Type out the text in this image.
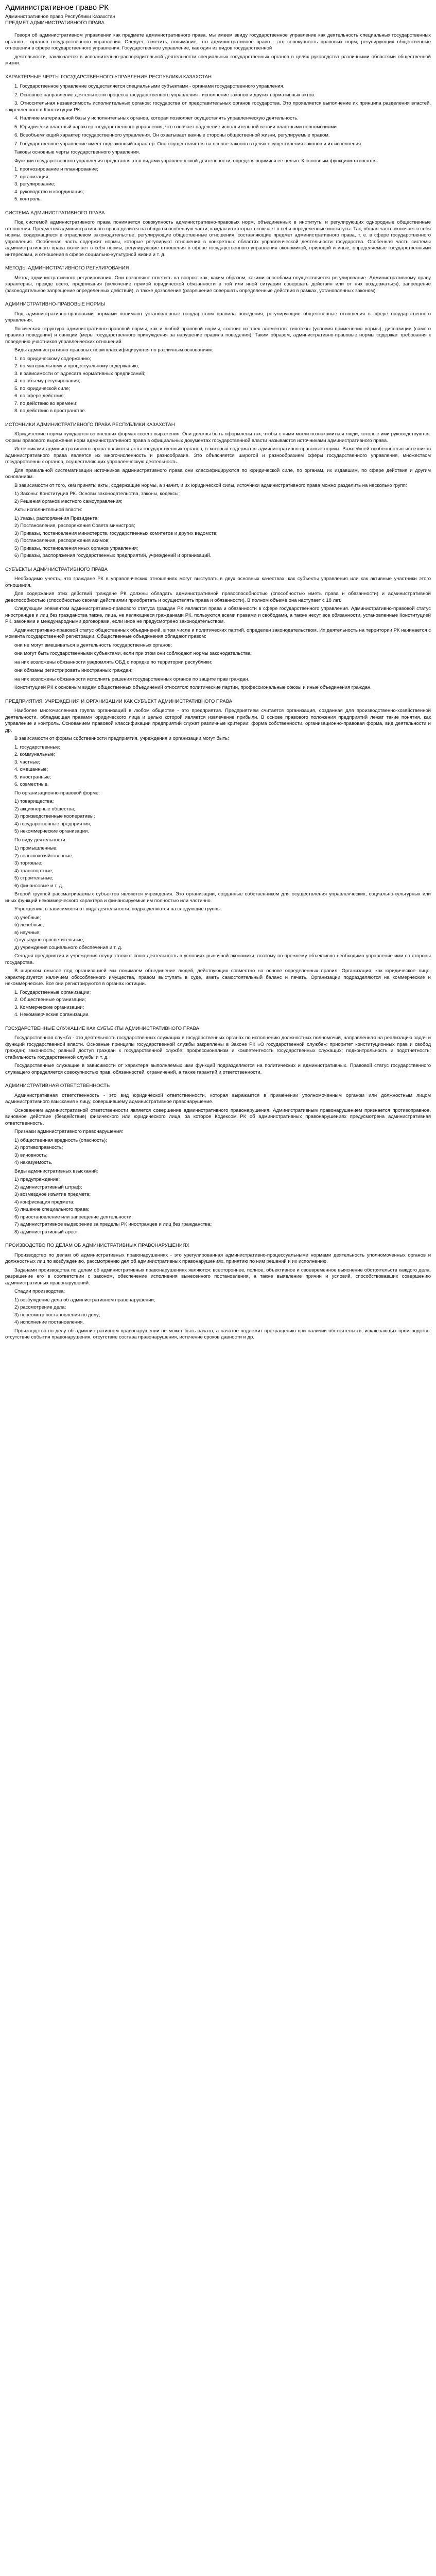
Административное право РК
Административное право Республики Казахстан
ПРЕДМЕТ АДМИНИСТРАТИВНОГО ПРАВА

Говоря об административном управлении как предмете административного права, мы имеем ввиду государственное управление как деятельность специальных государственных органов - органов государственного управления. Следует отметить, понимание, что административное право - это совокупность правовых норм, регулирующих общественные отношения в сфере государственного управления. Государственное управление, как один из видов государственной

деятельности, заключается в исполнительно-распорядительной деятельности специальных государственных органов в целях руководства различными областями общественной жизни.

ХАРАКТЕРНЫЕ ЧЕРТЫ ГОСУДАРСТВЕННОГО УПРАВЛЕНИЯ РЕСПУБЛИКИ КАЗАХСТАН

1. Государственное управление осуществляется специальными субъектами - органами государственного управления.

2. Основное направление деятельности процесса государственного управления - исполнение законов и других нормативных актов.

3. Относительная независимость исполнительных органов: государства от представительных органов государства. Это проявляется выполнение их принципа разделения властей, закрепленного в Конституции РК.

4. Наличие материальной базы у исполнительных органов, которая позволяет осуществлять управленческую деятельность.

5. Юридически властный характер государственного управления, что означает наделение исполнительной ветвии властными полномочиями.

6. Всеобъемлющий характер государственного управления. Он охватывает важные стороны общественной жизни, регулируемые правом.

7. Государственное управление имеет подзаконный характер. Оно осуществляется на основе законов в целях осуществления законов и их исполнения.

Таковы основные черты государственного управления.

Функции государственного управления представляются видами управленческой деятельности, определяющимися ее целью. К основным функциям относятся:

1. прогнозирование и планирование;
2. организация;
3. регулирование;
4. руководство и координация;
5. контроль.
СИСТЕМА АДМИНИСТРАТИВНОГО ПРАВА

Под системой административного права понимается совокупность административно-правовых норм, объединенных в институты и регулирующих однородные общественные отношения. Предметом административного права делится на общую и особенную части, каждая из которых включает в себя определенные институты. Так, общая часть включает в себя нормы, содержащиеся в отраслевом законодательстве, регулирующие общественные отношения, составляющие предмет административного права, т. е. в сфере государственного управления. Особенная часть содержит нормы, которые регулируют отношения в конкретных областях управленческой деятельности государства. Особенная часть системы административного права включает в себя нормы, регулирующие отношения в сфере государственного управления экономикой, природой и иные, определяемые государственными интересами, и отношения в сфере социально-культурной жизни и т. д.

МЕТОДЫ АДМИНИСТРАТИВНОГО РЕГУЛИРОВАНИЯ

Метод административного регулирования. Они позволяют ответить на вопрос: как, каким образом, какими способами осуществляется регулирование. Административному праву характерны, прежде всего, предписания (включение прямой юридической обязанности в той или иной ситуации совершать действия или от них воздержаться), запрещение (законодательное запрещение определенных действий), а также дозволение (разрешение совершать определенные действия в рамках, установленных законом).

АДМИНИСТРАТИВНО-ПРАВОВЫЕ НОРМЫ

Под административно-правовыми нормами понимают установленные государством правила поведения, регулирующие общественные отношения в сфере государственного управления.

Логическая структура административно-правовой нормы, как и любой правовой нормы, состоит из трех элементов: гипотезы (условия применения нормы), диспозиции (самого правила поведения) и санкции (меры государственного принуждения за нарушение правила поведения). Таким образом, административно-правовые нормы содержат требования к поведению участников управленческих отношений.

Виды административно-правовых норм классифицируются по различным основаниям:

1. по юридическому содержанию;
2. по материальному и процессуальному содержанию;
3. в зависимости от адресата нормативных предписаний;
4. по объему регулирования;
5. по юридической силе;
6. по сфере действия;
7. по действию во времени;
8. по действию в пространстве.
ИСТОЧНИКИ АДМИНИСТРАТИВНОГО ПРАВА РЕСПУБЛИКИ КАЗАХСТАН

Юридические нормы нуждаются во внешних формах своего выражения. Они должны быть оформлены так, чтобы с ними могли познакомиться люди, которые ими руководствуются. Формы правового выражения норм административного права в официальных документах государственной власти называются источниками административного права.

Источниками административного права являются акты государственных органов, в которых содержатся административно-правовые нормы. Важнейшей особенностью источников административного права является их многочисленность и разнообразие. Это объясняется широтой и разнообразием сферы государственного управления, множеством государственных органов, осуществляющих управленческую деятельность.

Для правильной систематизации источников административного права они классифицируются по юридической силе, по органам, их издавшим, по сфере действия и другим основаниям.

В зависимости от того, кем приняты акты, содержащие нормы, а значит, и их юридической силы, источники административного права можно разделить на несколько групп:

1) Законы: Конституция РК. Основы законодательства, законы, кодексы;
2) Решения органов местного самоуправления;

Акты исполнительной власти:

1) Указы, распоряжения Президента;
2) Постановления, распоряжения Совета министров;
3) Приказы, постановления министерств, государственных комитетов и других ведомств;
4) Постановления, распоряжения акимов;
5) Приказы, постановления иных органов управления;
6) Приказы, распоряжения государственных предприятий, учреждений и организаций.
СУБЪЕКТЫ АДМИНИСТРАТИВНОГО ПРАВА

Необходимо учесть, что граждане РК в управленческих отношениях могут выступать в двух основных качествах: как субъекты управления или как активные участники этого отношения.

Для содержания этих действий граждане РК должны обладать административной правоспособностью (способностью иметь права и обязанности) и административной дееспособностью (способностью своими действиями приобретать и осуществлять права и обязанности). В полном объеме она наступает с 18 лет.

Следующим элементом административно-правового статуса граждан РК являются права и обязанности в сфере государственного управления. Административно-правовой статус иностранцев и лиц без гражданства также, лица, не являющиеся гражданами РК, пользуются всеми правами и свободами, а также несут все обязанности, установленные Конституцией РК, законами и международными договорами, если иное не предусмотрено законодательством.

Административно-правовой статус общественных объединений, в том числе и политических партий, определен законодательством. Их деятельность на территории РК начинается с момента государственной регистрации. Общественные объединения обладают правом:

они не могут вмешиваться в деятельность государственных органов;

они могут быть государственными субъектами, если при этом они соблюдают нормы законодательства;

на них возложены обязанности уведомлять ОБД о порядке по территории республики;

они обязаны регистрировать иностранных граждан;

на них возложены обязанности исполнять решения государственных органов по защите прав граждан.

Конституцией РК к основным видам общественных объединений относятся: политические партии, профессиональные союзы и иные объединения граждан.

ПРЕДПРИЯТИЯ, УЧРЕЖДЕНИЯ И ОРГАНИЗАЦИИ КАК СУБЪЕКТ АДМИНИСТРАТИВНОГО ПРАВА

Наиболее многочисленная группа организаций в любом обществе - это предприятия. Предприятием считается организация, созданная для производственно-хозяйственной деятельности, обладающая правами юридического лица и целью которой является извлечение прибыли. В основе правового положения предприятий лежат такие понятия, как управление и контроль. Основанием правовой классификации предприятий служат различные критерии: форма собственности, организационно-правовая форма, вид деятельности и др.

В зависимости от формы собственности предприятия, учреждения и организации могут быть:

1. государственные;
2. коммунальные;
3. частные;
4. смешанные;
5. иностранные;
6. совместные.

По организационно-правовой форме:

1) товарищества;
2) акционерные общества;
3) производственные кооперативы;
4) государственные предприятия;
5) некоммерческие организации.

По виду деятельности:

1) промышленные;
2) сельскохозяйственные;
3) торговые;
4) транспортные;
5) строительные;
6) финансовые и т. д.

Второй группой рассматриваемых субъектов являются учреждения. Это организации, созданные собственником для осуществления управленческих, социально-культурных или иных функций некоммерческого характера и финансируемые им полностью или частично.

Учреждения, в зависимости от вида деятельности, подразделяются на следующие группы:

а) учебные;
б) лечебные;
в) научные;
г) культурно-просветительные;
д) учреждения социального обеспечения и т. д.

Сегодня предприятия и учреждения осуществляют свою деятельность в условиях рыночной экономики, поэтому по-прежнему объективно необходимо управление ими со стороны государства.

В широком смысле под организацией мы понимаем объединение людей, действующих совместно на основе определенных правил. Организация, как юридическое лицо, характеризуется наличием обособленного имущества, правом выступать в суде, иметь самостоятельный баланс и печать. Организации подразделяются на коммерческие и некоммерческие. Все они регистрируются в органах юстиции.

1. Государственные организации;
2. Общественные организации;
3. Коммерческие организации;
4. Некоммерческие организации.
ГОСУДАРСТВЕННЫЕ СЛУЖАЩИЕ КАК СУБЪЕКТЫ АДМИНИСТРАТИВНОГО ПРАВА

Государственная служба - это деятельность государственных служащих в государственных органах по исполнению должностных полномочий, направленная на реализацию задач и функций государственной власти. Основные принципы государственной службы закреплены в Законе РК «О государственной службе»: приоритет конституционных прав и свобод граждан; законность; равный доступ граждан к государственной службе; профессионализм и компетентность государственных служащих; подконтрольность и подотчетность; стабильность государственной службы и т. д.

Государственные служащие в зависимости от характера выполняемых ими функций подразделяются на политических и административных. Правовой статус государственного служащего определяется совокупностью прав, обязанностей, ограничений, а также гарантий и ответственности.

АДМИНИСТРАТИВНАЯ ОТВЕТСТВЕННОСТЬ

Административная ответственность - это вид юридической ответственности, которая выражается в применении уполномоченным органом или должностным лицом административного взыскания к лицу, совершившему административное правонарушение.

Основанием административной ответственности является совершение административного правонарушения. Административным правонарушением признается противоправное, виновное действие (бездействие) физического или юридического лица, за которое Кодексом РК об административных правонарушениях предусмотрена административная ответственность.

Признаки административного правонарушения:

1) общественная вредность (опасность);
2) противоправность;
3) виновность;
4) наказуемость.

Виды административных взысканий:

1) предупреждение;
2) административный штраф;
3) возмездное изъятие предмета;
4) конфискация предмета;
5) лишение специального права;
6) приостановление или запрещение деятельности;
7) административное выдворение за пределы РК иностранцев и лиц без гражданства;
8) административный арест.
ПРОИЗВОДСТВО ПО ДЕЛАМ ОБ АДМИНИСТРАТИВНЫХ ПРАВОНАРУШЕНИЯХ

Производство по делам об административных правонарушениях - это урегулированная административно-процессуальными нормами деятельность уполномоченных органов и должностных лиц по возбуждению, рассмотрению дел об административных правонарушениях, принятию по ним решений и их исполнению.

Задачами производства по делам об административных правонарушениях являются: всестороннее, полное, объективное и своевременное выяснение обстоятельств каждого дела, разрешение его в соответствии с законом, обеспечение исполнения вынесенного постановления, а также выявление причин и условий, способствовавших совершению административных правонарушений.

Стадии производства:

1) возбуждение дела об административном правонарушении;
2) рассмотрение дела;
3) пересмотр постановления по делу;
4) исполнение постановления.

Производство по делу об административном правонарушении не может быть начато, а начатое подлежит прекращению при наличии обстоятельств, исключающих производство: отсутствие события правонарушения, отсутствие состава правонарушения, истечение сроков давности и др.
